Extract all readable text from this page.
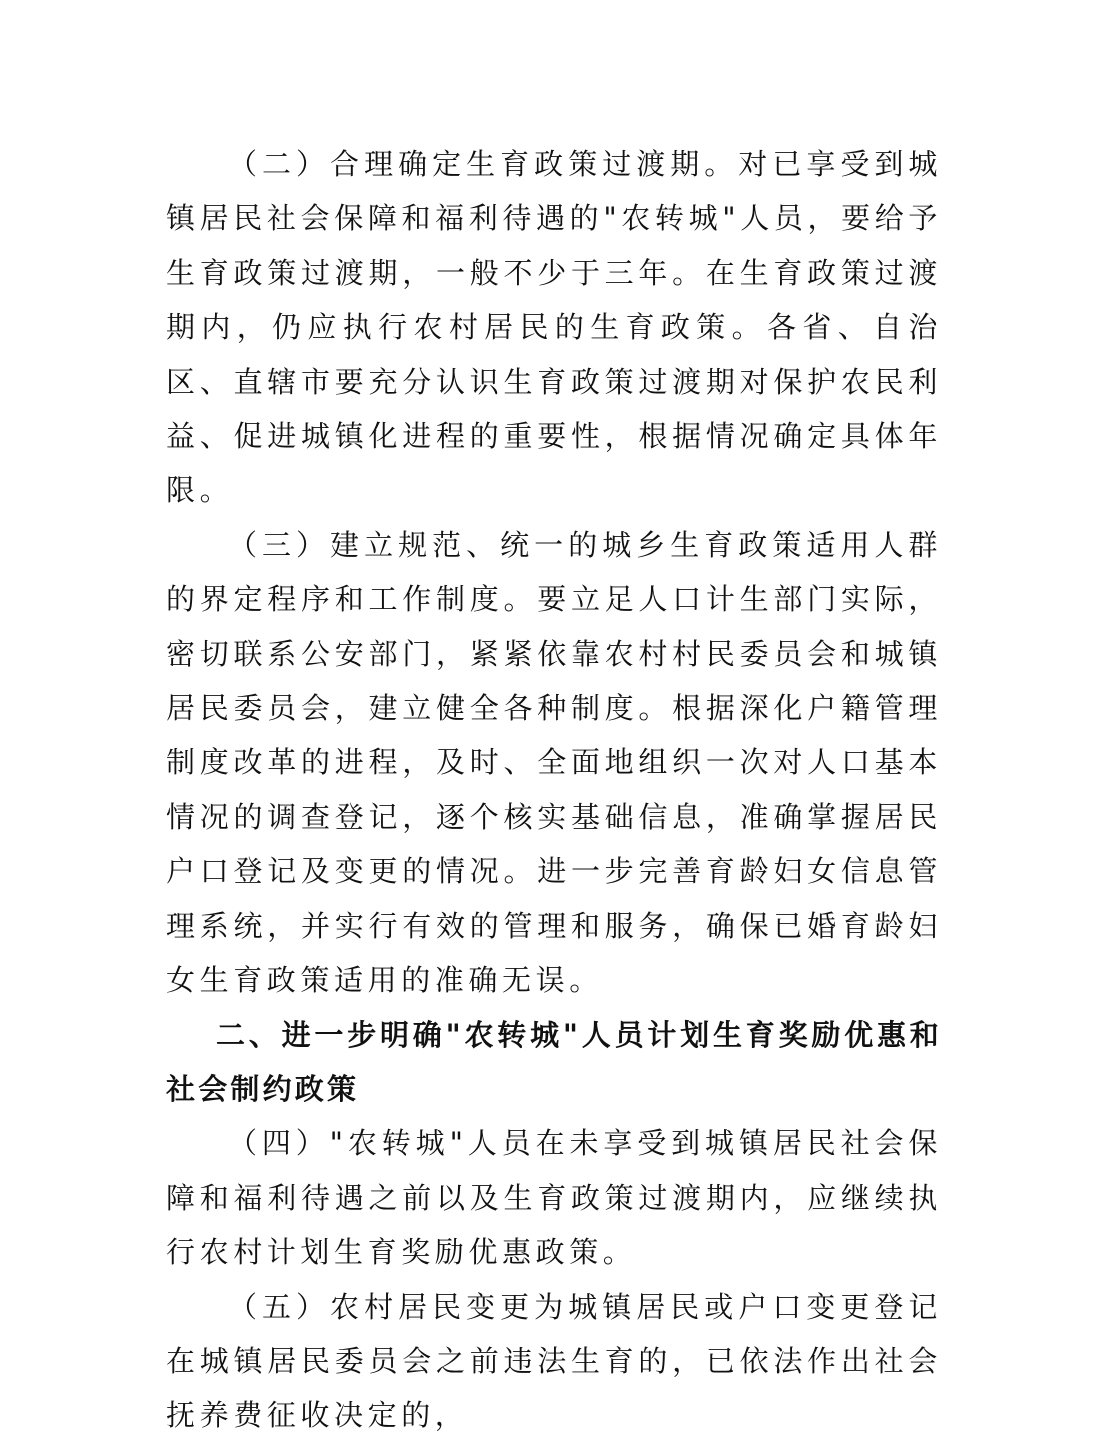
（二）合理确定生育政策过渡期。对已享受到城镇居民社会保障和福利待遇的"农转城"人员，要给予生育政策过渡期，一般不少于三年。在生育政策过渡期内，仍应执行农村居民的生育政策。各省、自治区、直辖市要充分认识生育政策过渡期对保护农民利益、促进城镇化进程的重要性，根据情况确定具体年限。

（三）建立规范、统一的城乡生育政策适用人群的界定程序和工作制度。要立足人口计生部门实际，密切联系公安部门，紧紧依靠农村村民委员会和城镇居民委员会，建立健全各种制度。根据深化户籍管理制度改革的进程，及时、全面地组织一次对人口基本情况的调查登记，逐个核实基础信息，准确掌握居民户口登记及变更的情况。进一步完善育龄妇女信息管理系统，并实行有效的管理和服务，确保已婚育龄妇女生育政策适用的准确无误。

二、进一步明确"农转城"人员计划生育奖励优惠和社会制约政策

（四）"农转城"人员在未享受到城镇居民社会保障和福利待遇之前以及生育政策过渡期内，应继续执行农村计划生育奖励优惠政策。

（五）农村居民变更为城镇居民或户口变更登记在城镇居民委员会之前违法生育的，已依法作出社会抚养费征收决定的，
